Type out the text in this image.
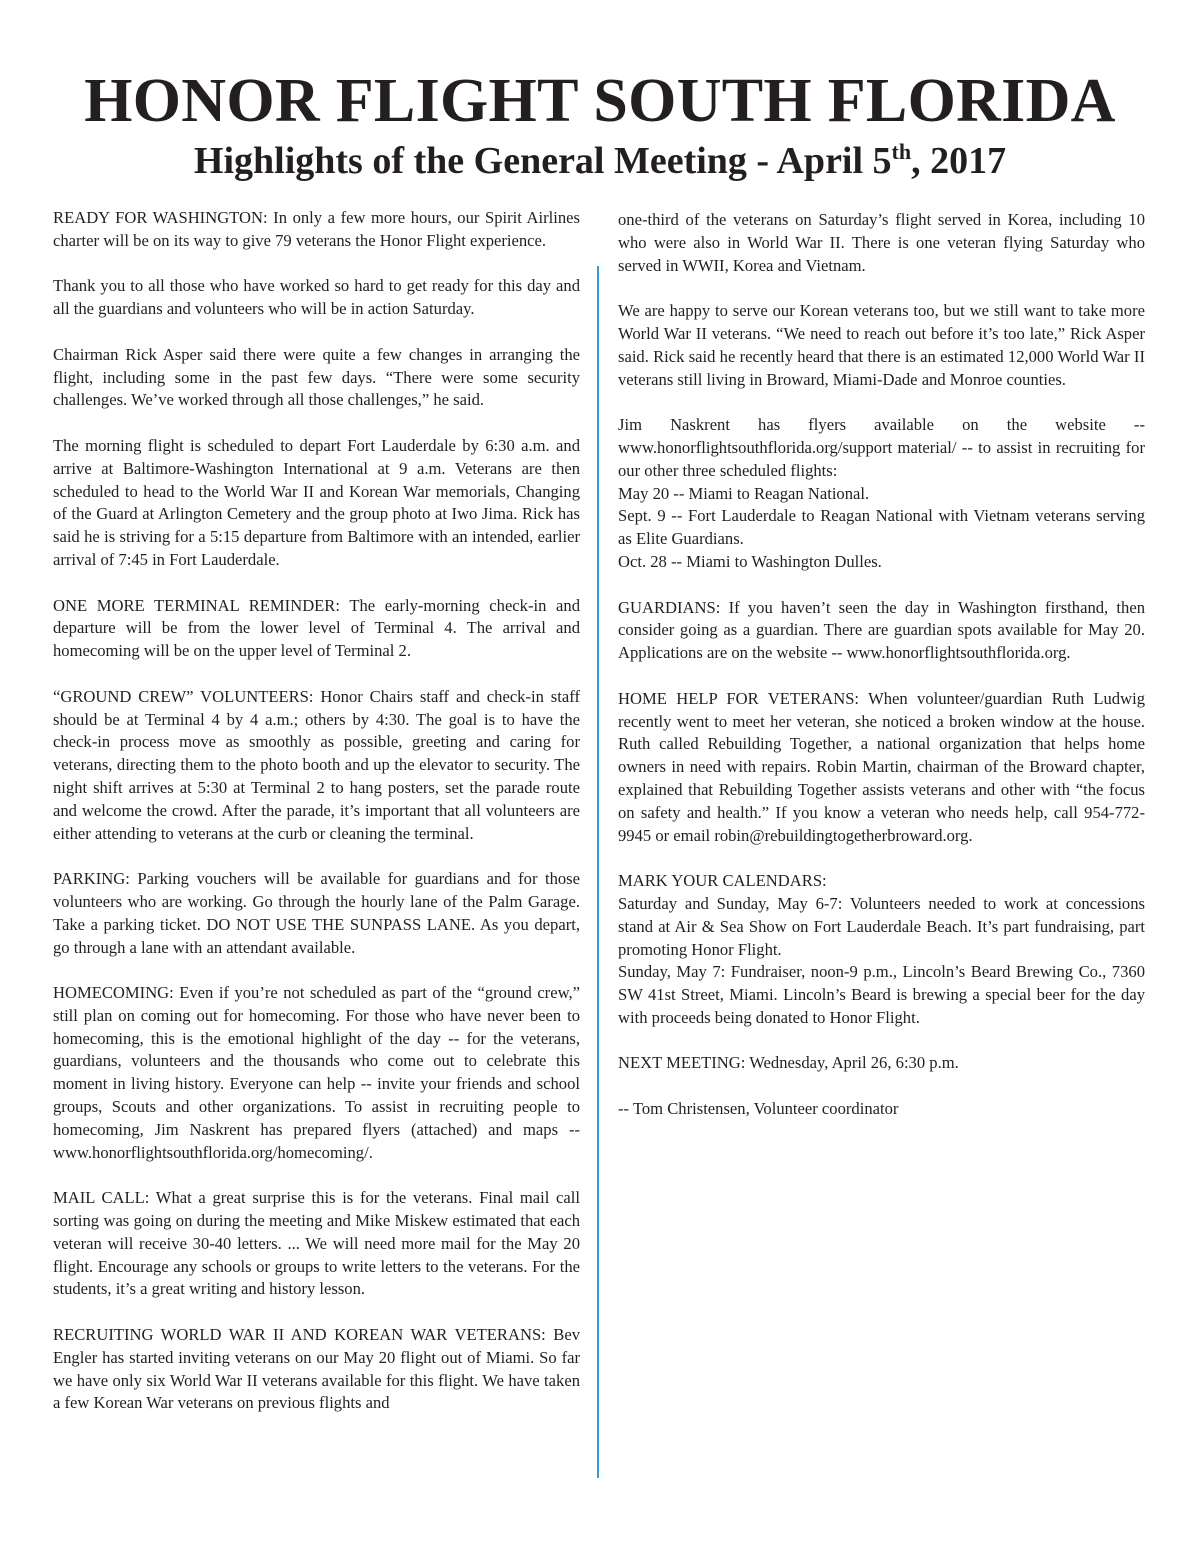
HONOR FLIGHT SOUTH FLORIDA
Highlights of the General Meeting - April 5th, 2017

READY FOR WASHINGTON: In only a few more hours, our Spirit Airlines charter will be on its way to give 79 veterans the Honor Flight experience.

Thank you to all those who have worked so hard to get ready for this day and all the guardians and volunteers who will be in action Saturday.

Chairman Rick Asper said there were quite a few changes in arranging the flight, including some in the past few days. “There were some security challenges. We’ve worked through all those challenges,” he said.

The morning flight is scheduled to depart Fort Lauderdale by 6:30 a.m. and arrive at Baltimore-Washington International at 9 a.m. Veterans are then scheduled to head to the World War II and Korean War memorials, Changing of the Guard at Arlington Cemetery and the group photo at Iwo Jima. Rick has said he is striving for a 5:15 departure from Baltimore with an intended, earlier arrival of 7:45 in Fort Lauderdale.

ONE MORE TERMINAL REMINDER: The early-morning check-in and departure will be from the lower level of Terminal 4. The arrival and homecoming will be on the upper level of Terminal 2.

“GROUND CREW” VOLUNTEERS: Honor Chairs staff and check-in staff should be at Terminal 4 by 4 a.m.; others by 4:30. The goal is to have the check-in process move as smoothly as possible, greeting and caring for veterans, directing them to the photo booth and up the elevator to security. The night shift arrives at 5:30 at Terminal 2 to hang posters, set the parade route and welcome the crowd. After the parade, it’s important that all volunteers are either attending to veterans at the curb or cleaning the terminal.

PARKING: Parking vouchers will be available for guardians and for those volunteers who are working. Go through the hourly lane of the Palm Garage. Take a parking ticket. DO NOT USE THE SUNPASS LANE. As you depart, go through a lane with an attendant available.

HOMECOMING: Even if you’re not scheduled as part of the “ground crew,” still plan on coming out for homecoming. For those who have never been to homecoming, this is the emotional highlight of the day -- for the veterans, guardians, volunteers and the thousands who come out to celebrate this moment in living history. Everyone can help -- invite your friends and school groups, Scouts and other organizations. To assist in recruiting people to homecoming, Jim Naskrent has prepared flyers (attached) and maps -- www.honorflightsouthflorida.org/homecoming/.

MAIL CALL: What a great surprise this is for the veterans. Final mail call sorting was going on during the meeting and Mike Miskew estimated that each veteran will receive 30-40 letters. ... We will need more mail for the May 20 flight. Encourage any schools or groups to write letters to the veterans. For the students, it’s a great writing and history lesson.

RECRUITING WORLD WAR II AND KOREAN WAR VETERANS: Bev Engler has started inviting veterans on our May 20 flight out of Miami. So far we have only six World War II veterans available for this flight. We have taken a few Korean War veterans on previous flights and

one-third of the veterans on Saturday’s flight served in Korea, including 10 who were also in World War II. There is one veteran flying Saturday who served in WWII, Korea and Vietnam.

We are happy to serve our Korean veterans too, but we still want to take more World War II veterans. “We need to reach out before it’s too late,” Rick Asper said. Rick said he recently heard that there is an estimated 12,000 World War II veterans still living in Broward, Miami-Dade and Monroe counties.

Jim Naskrent has flyers available on the website -- www.honorflightsouthflorida.org/support material/ -- to assist in recruiting for our other three scheduled flights:
May 20 -- Miami to Reagan National.
Sept. 9 -- Fort Lauderdale to Reagan National with Vietnam veterans serving as Elite Guardians.
Oct. 28 -- Miami to Washington Dulles.

GUARDIANS: If you haven’t seen the day in Washington firsthand, then consider going as a guardian. There are guardian spots available for May 20. Applications are on the website -- www.honorflightsouthflorida.org.

HOME HELP FOR VETERANS: When volunteer/guardian Ruth Ludwig recently went to meet her veteran, she noticed a broken window at the house. Ruth called Rebuilding Together, a national organization that helps home owners in need with repairs. Robin Martin, chairman of the Broward chapter, explained that Rebuilding Together assists veterans and other with “the focus on safety and health.” If you know a veteran who needs help, call 954-772-9945 or email robin@rebuildingtogetherbroward.org.

MARK YOUR CALENDARS:
Saturday and Sunday, May 6-7: Volunteers needed to work at concessions stand at Air & Sea Show on Fort Lauderdale Beach. It’s part fundraising, part promoting Honor Flight.
Sunday, May 7: Fundraiser, noon-9 p.m., Lincoln’s Beard Brewing Co., 7360 SW 41st Street, Miami. Lincoln’s Beard is brewing a special beer for the day with proceeds being donated to Honor Flight.

NEXT MEETING: Wednesday, April 26, 6:30 p.m.

-- Tom Christensen, Volunteer coordinator
